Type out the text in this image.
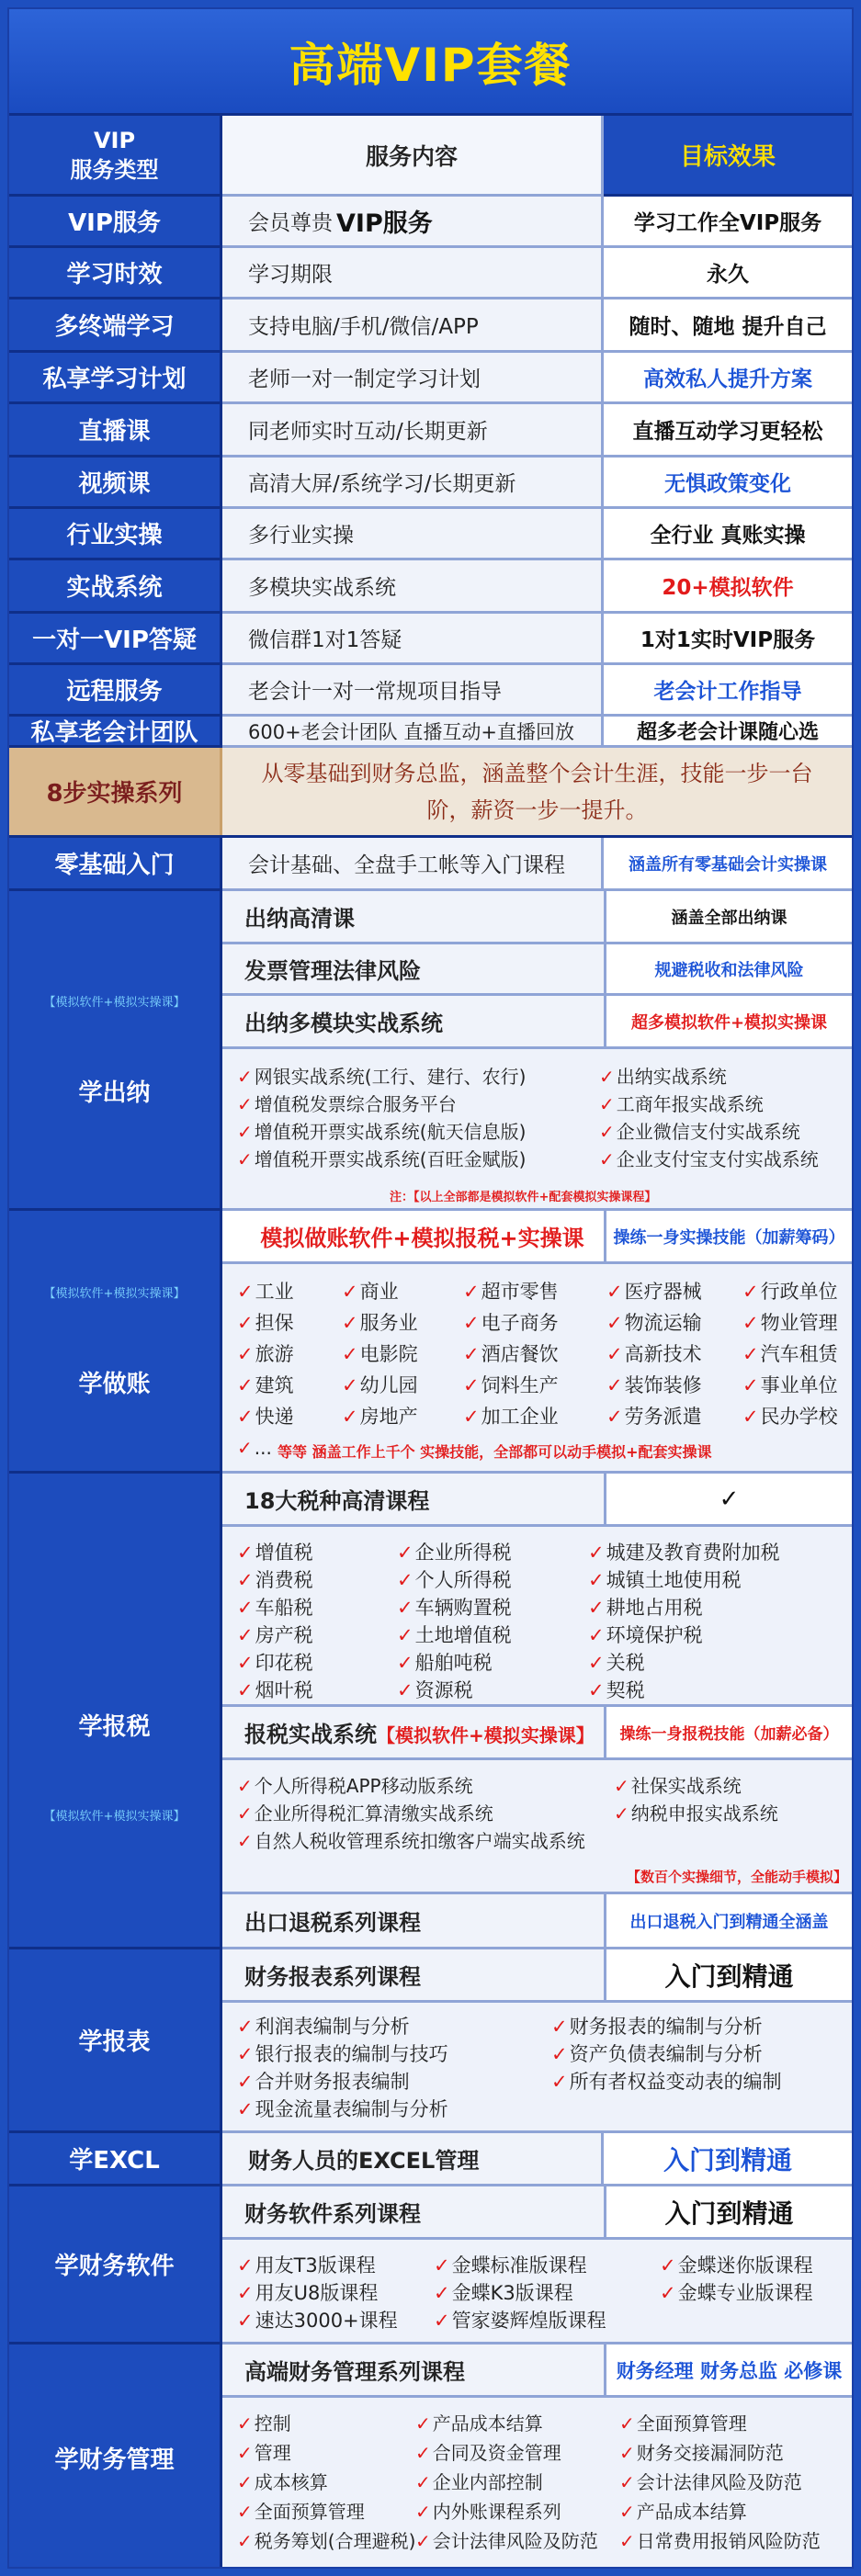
高端VIP套餐
VIP
服务类型	服务内容	目标效果
VIP服务	会员尊贵 VIP服务	学习工作全VIP服务
学习时效	学习期限	永久
多终端学习	支持电脑/手机/微信/APP	随时、随地 提升自己
私享学习计划	老师一对一制定学习计划	高效私人提升方案
直播课	同老师实时互动/长期更新	直播互动学习更轻松
视频课	高清大屏/系统学习/长期更新	无惧政策变化
行业实操	多行业实操	全行业 真账实操
实战系统	多模块实战系统	20+模拟软件
一对一VIP答疑	微信群1对1答疑	1对1实时VIP服务
远程服务	老会计一对一常规项目指导	老会计工作指导
私享老会计团队	600+老会计团队 直播互动+直播回放	超多老会计课随心选
8步实操系列
从零基础到财务总监，涵盖整个会计生涯，技能一步一台阶，薪资一步一提升。
零基础入门	会计基础、全盘手工帐等入门课程	涵盖所有零基础会计实操课
【模拟软件+模拟实操课】
学出纳
出纳高清课	涵盖全部出纳课
发票管理法律风险	规避税收和法律风险
出纳多模块实战系统	超多模拟软件+模拟实操课
注：【以上全部都是模拟软件+配套模拟实操课程】
✓ 网银实战系统(工行、建行、农行)	✓ 出纳实战系统
✓ 增值税发票综合服务平台	✓ 工商年报实战系统
✓ 增值税开票实战系统(航天信息版)	✓ 企业微信支付实战系统
✓ 增值税开票实战系统(百旺金赋版)	✓ 企业支付宝支付实战系统
【模拟软件+模拟实操课】
学做账
模拟做账软件+模拟报税+实操课	操练一身实操技能（加薪筹码）
✓ ... 等等 涵盖工作上千个 实操技能，全部都可以动手模拟+配套实操课
✓工业 ✓商业	✓超市零售 ✓医疗器械 ✓行政单位
✓担保 ✓服务业 ✓电子商务 ✓物流运输 ✓物业管理
✓旅游 ✓电影院 ✓酒店餐饮 ✓高新技术 ✓汽车租赁
✓建筑 ✓幼儿园 ✓饲料生产 ✓装饰装修 ✓事业单位
✓快递 ✓房地产 ✓加工企业 ✓劳务派遣 ✓民办学校
学报税
【模拟软件+模拟实操课】
18大税种高清课程	✓
✓增值税	✓企业所得税	✓城建及教育费附加税
✓消费税	✓个人所得税	✓城镇土地使用税
✓车船税	✓车辆购置税	✓耕地占用税
✓房产税	✓土地增值税	✓环境保护税
✓印花税	✓船舶吨税	✓关税
✓烟叶税	✓资源税	✓契税
报税实战系统【模拟软件+模拟实操课】	操练一身报税技能（加薪必备）
【数百个实操细节，全能动手模拟】
✓ 个人所得税APP移动版系统	✓ 社保实战系统
✓ 企业所得税汇算清缴实战系统	✓ 纳税申报实战系统
✓ 自然人税收管理系统扣缴客户端实战系统
出口退税系列课程	出口退税入门到精通全涵盖
学报表
财务报表系列课程	入门到精通
✓利润表编制与分析	✓财务报表的编制与分析
✓银行报表的编制与技巧	✓资产负债表编制与分析
✓合并财务报表编制	✓所有者权益变动表的编制
✓现金流量表编制与分析
学EXCL	财务人员的EXCEL管理	入门到精通
学财务软件
财务软件系列课程	入门到精通
✓用友T3版课程	✓金蝶标准版课程	✓金蝶迷你版课程
✓用友U8版课程	✓金蝶K3版课程	✓金蝶专业版课程
✓速达3000+课程 ✓管家婆辉煌版课程
学财务管理
高端财务管理系列课程	财务经理 财务总监 必修课
✓ 控制	✓ 产品成本结算	✓ 全面预算管理
✓ 管理	✓ 合同及资金管理	✓ 财务交接漏洞防范
✓ 成本核算	✓ 企业内部控制	✓ 会计法律风险及防范
✓ 全面预算管理	✓ 内外账课程系列	✓ 产品成本结算
✓ 税务筹划(合理避税) ✓ 会计法律风险及防范 ✓ 日常费用报销风险防范
